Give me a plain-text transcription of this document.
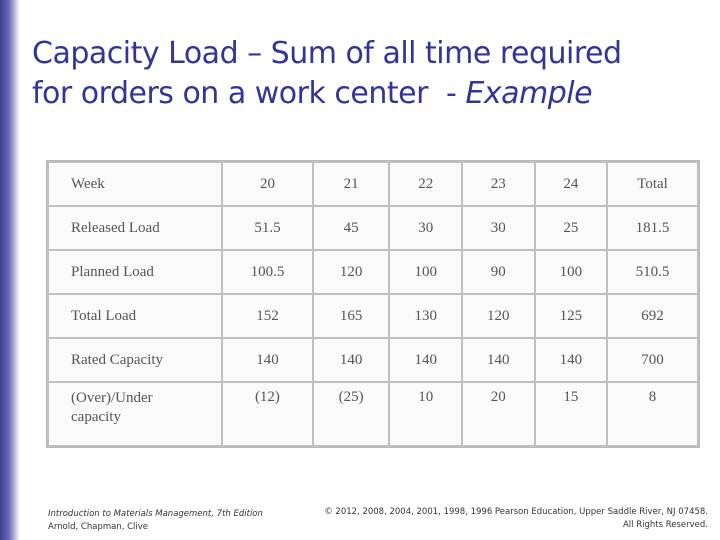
Capacity Load – Sum of all time required
for orders on a work center  - Example
Week	20	21	22	23	24	Total
Released Load	51.5	45	30	30	25	181.5
Planned Load	100.5	120	100	90	100	510.5
Total Load	152	165	130	120	125	692
Rated Capacity	140	140	140	140	140	700
(Over)/Under
capacity	(12)	(25)	10	20	15	8
Introduction to Materials Management, 7th Edition
Arnold, Chapman, Clive
© 2012, 2008, 2004, 2001, 1998, 1996 Pearson Education, Upper Saddle River, NJ 07458.
All Rights Reserved.
